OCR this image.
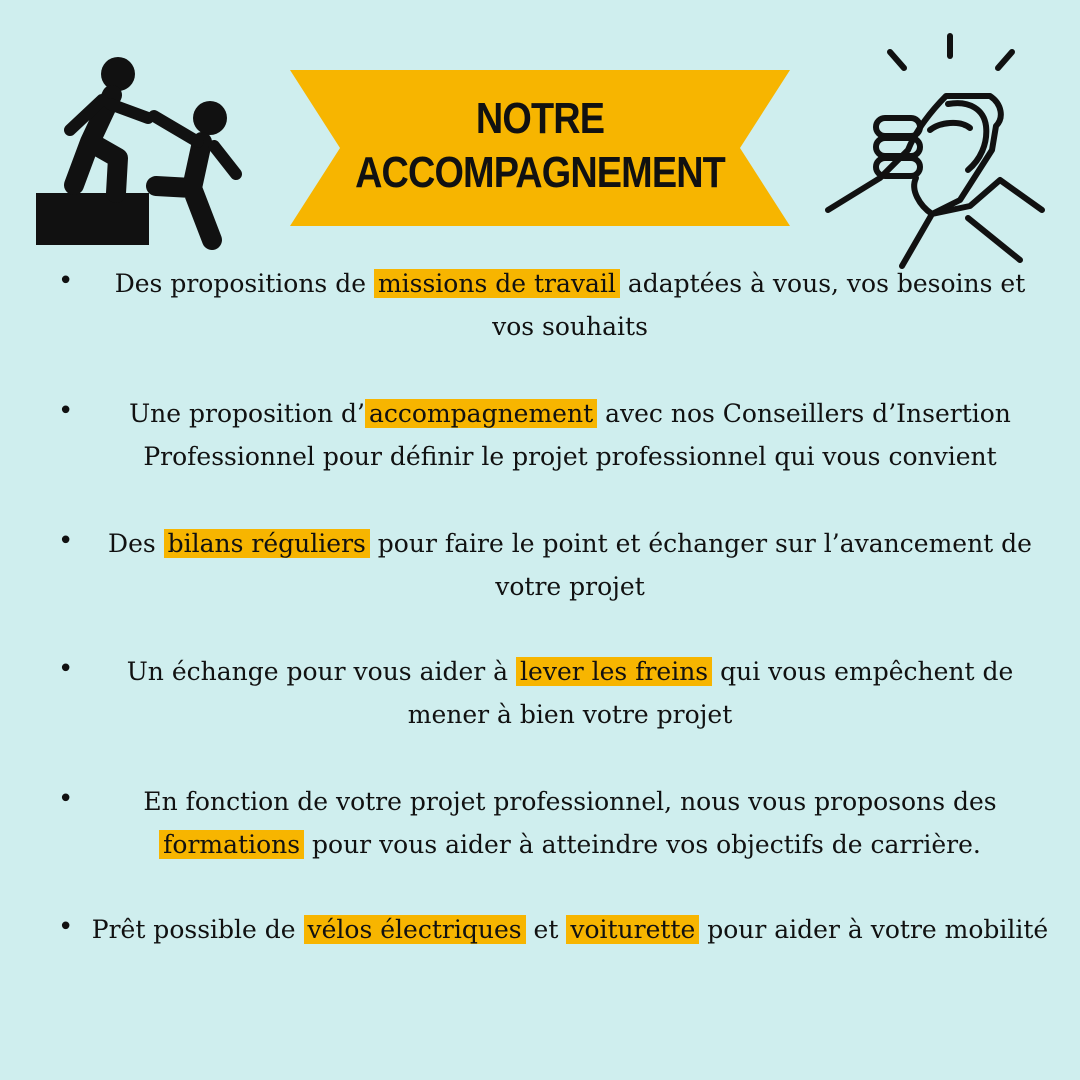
NOTRE
ACCOMPAGNEMENT
•	Des propositions de missions de travail adaptées à vous, vos besoins et vos souhaits
•	Une proposition d’ accompagnement avec nos Conseillers d’Insertion Professionnel pour définir le projet professionnel qui vous convient
•	Des bilans réguliers pour faire le point et échanger sur l’avancement de votre projet
•	Un échange pour vous aider à lever les freins qui vous empêchent de mener à bien votre projet
•	En fonction de votre projet professionnel, nous vous proposons des formations pour vous aider à atteindre vos objectifs de carrière.
• Prêt possible de vélos électriques et voiturette pour aider à votre mobilité
